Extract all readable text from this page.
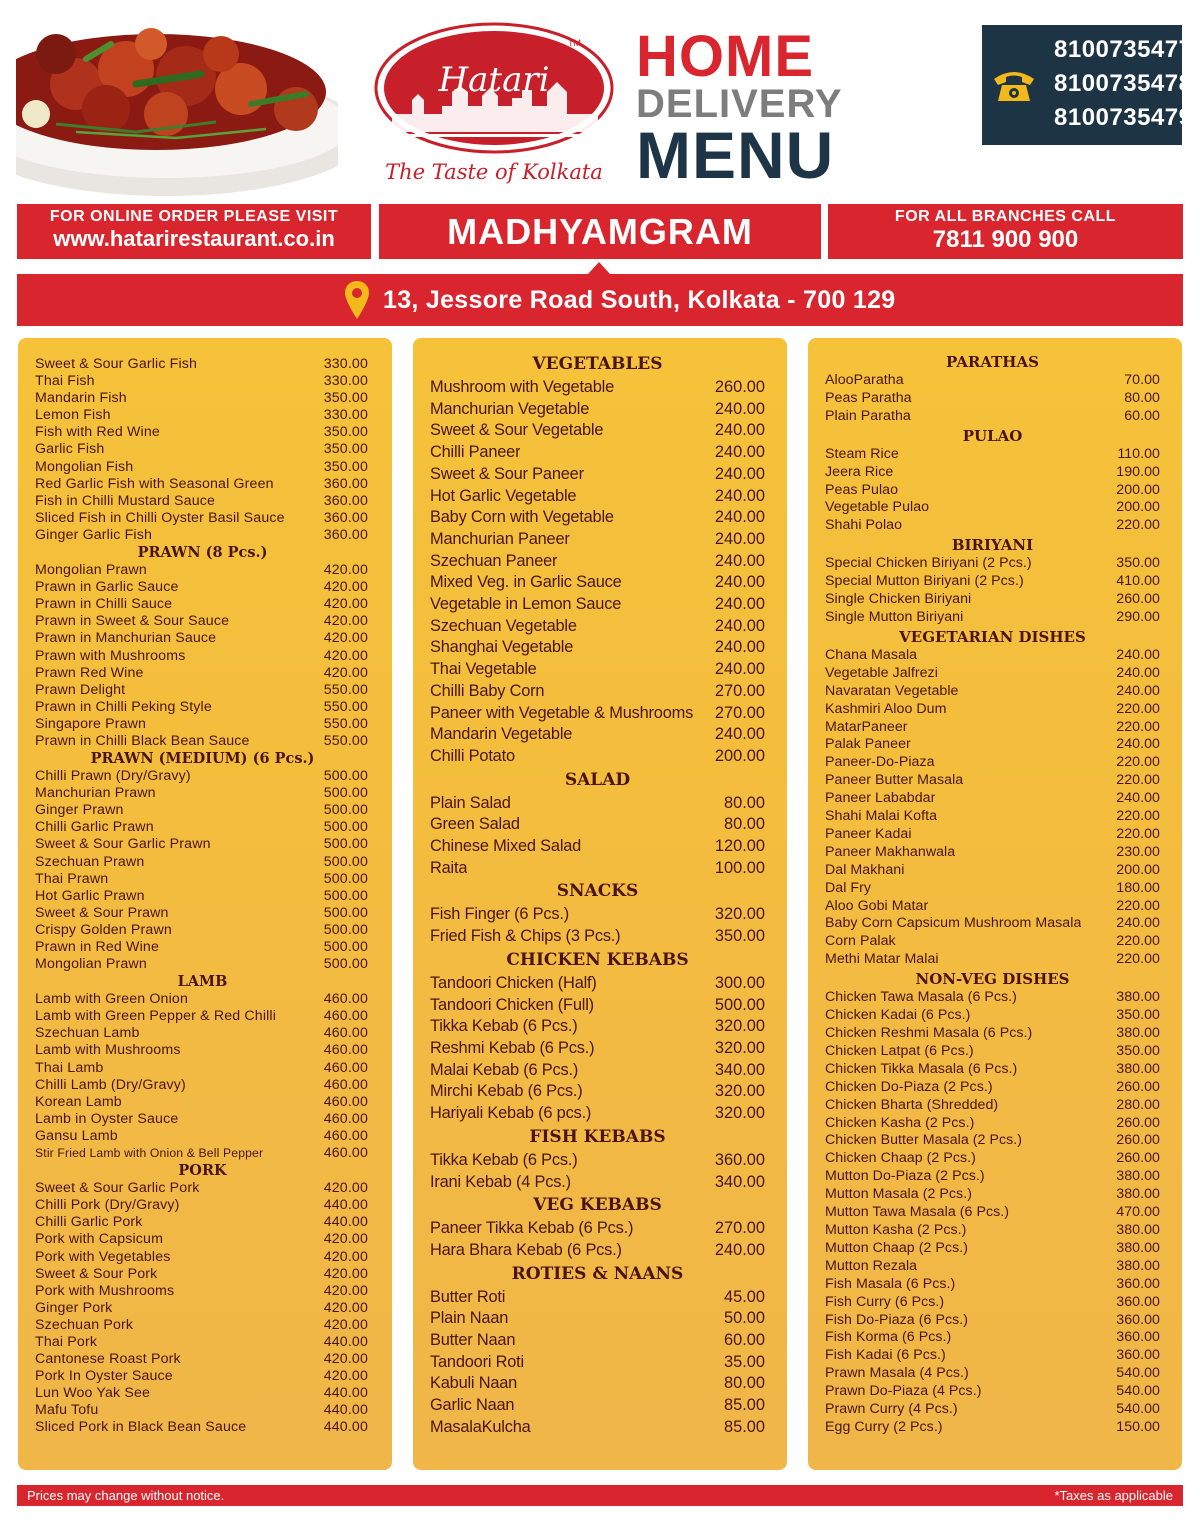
TM
Hatari
The Taste of Kolkata
HOME
DELIVERY
MENU
8100735477
8100735478
8100735479
FOR ONLINE ORDER PLEASE VISIT
www.hatarirestaurant.co.in	MADHYAMGRAM	FOR ALL BRANCHES CALL
7811 900 900
13, Jessore Road South, Kolkata - 700 129
Sweet & Sour Garlic Fish	330.00
Thai Fish	330.00
Mandarin Fish	350.00
Lemon Fish	330.00
Fish with Red Wine	350.00
Garlic Fish	350.00
Mongolian Fish	350.00
Red Garlic Fish with Seasonal Green	360.00
Fish in Chilli Mustard Sauce	360.00
Sliced Fish in Chilli Oyster Basil Sauce	360.00
Ginger Garlic Fish	360.00
PRAWN (8 Pcs.)
Mongolian Prawn	420.00
Prawn in Garlic Sauce	420.00
Prawn in Chilli Sauce	420.00
Prawn in Sweet & Sour Sauce	420.00
Prawn in Manchurian Sauce	420.00
Prawn with Mushrooms	420.00
Prawn Red Wine	420.00
Prawn Delight	550.00
Prawn in Chilli Peking Style	550.00
Singapore Prawn	550.00
Prawn in Chilli Black Bean Sauce	550.00
PRAWN (MEDIUM) (6 Pcs.)
Chilli Prawn (Dry/Gravy)	500.00
Manchurian Prawn	500.00
Ginger Prawn	500.00
Chilli Garlic Prawn	500.00
Sweet & Sour Garlic Prawn	500.00
Szechuan Prawn	500.00
Thai Prawn	500.00
Hot Garlic Prawn	500.00
Sweet & Sour Prawn	500.00
Crispy Golden Prawn	500.00
Prawn in Red Wine	500.00
Mongolian Prawn	500.00
LAMB
Lamb with Green Onion	460.00
Lamb with Green Pepper & Red Chilli	460.00
Szechuan Lamb	460.00
Lamb with Mushrooms	460.00
Thai Lamb	460.00
Chilli Lamb (Dry/Gravy)	460.00
Korean Lamb	460.00
Lamb in Oyster Sauce	460.00
Gansu Lamb	460.00
Stir Fried Lamb with Onion & Bell Pepper	460.00
PORK
Sweet & Sour Garlic Pork	420.00
Chilli Pork (Dry/Gravy)	440.00
Chilli Garlic Pork	440.00
Pork with Capsicum	420.00
Pork with Vegetables	420.00
Sweet & Sour Pork	420.00
Pork with Mushrooms	420.00
Ginger Pork	420.00
Szechuan Pork	420.00
Thai Pork	440.00
Cantonese Roast Pork	420.00
Pork In Oyster Sauce	420.00
Lun Woo Yak See	440.00
Mafu Tofu	440.00
Sliced Pork in Black Bean Sauce	440.00
VEGETABLES
Mushroom with Vegetable	260.00
Manchurian Vegetable	240.00
Sweet & Sour Vegetable	240.00
Chilli Paneer	240.00
Sweet & Sour Paneer	240.00
Hot Garlic Vegetable	240.00
Baby Corn with Vegetable	240.00
Manchurian Paneer	240.00
Szechuan Paneer	240.00
Mixed Veg. in Garlic Sauce	240.00
Vegetable in Lemon Sauce	240.00
Szechuan Vegetable	240.00
Shanghai Vegetable	240.00
Thai Vegetable	240.00
Chilli Baby Corn	270.00
Paneer with Vegetable & Mushrooms 270.00
Mandarin Vegetable	240.00
Chilli Potato	200.00
SALAD
Plain Salad	80.00
Green Salad	80.00
Chinese Mixed Salad	120.00
Raita	100.00
SNACKS
Fish Finger (6 Pcs.)	320.00
Fried Fish & Chips (3 Pcs.)	350.00
CHICKEN KEBABS
Tandoori Chicken (Half)	300.00
Tandoori Chicken (Full)	500.00
Tikka Kebab (6 Pcs.)	320.00
Reshmi Kebab (6 Pcs.)	320.00
Malai Kebab (6 Pcs.)	340.00
Mirchi Kebab (6 Pcs.)	320.00
Hariyali Kebab (6 pcs.)	320.00
FISH KEBABS
Tikka Kebab (6 Pcs.)	360.00
Irani Kebab (4 Pcs.)	340.00
VEG KEBABS
Paneer Tikka Kebab (6 Pcs.)	270.00
Hara Bhara Kebab (6 Pcs.)	240.00
ROTIES & NAANS
Butter Roti	45.00
Plain Naan	50.00
Butter Naan	60.00
Tandoori Roti	35.00
Kabuli Naan	80.00
Garlic Naan	85.00
MasalaKulcha	85.00
PARATHAS
AlooParatha	70.00
Peas Paratha	80.00
Plain Paratha	60.00
PULAO
Steam Rice	110.00
Jeera Rice	190.00
Peas Pulao	200.00
Vegetable Pulao	200.00
Shahi Polao	220.00
BIRIYANI
Special Chicken Biriyani (2 Pcs.)	350.00
Special Mutton Biriyani (2 Pcs.)	410.00
Single Chicken Biriyani	260.00
Single Mutton Biriyani	290.00
VEGETARIAN DISHES
Chana Masala	240.00
Vegetable Jalfrezi	240.00
Navaratan Vegetable	240.00
Kashmiri Aloo Dum	220.00
MatarPaneer	220.00
Palak Paneer	240.00
Paneer-Do-Piaza	220.00
Paneer Butter Masala	220.00
Paneer Lababdar	240.00
Shahi Malai Kofta	220.00
Paneer Kadai	220.00
Paneer Makhanwala	230.00
Dal Makhani	200.00
Dal Fry	180.00
Aloo Gobi Matar	220.00
Baby Corn Capsicum Mushroom Masala 240.00
Corn Palak	220.00
Methi Matar Malai	220.00
NON-VEG DISHES
Chicken Tawa Masala (6 Pcs.)	380.00
Chicken Kadai (6 Pcs.)	350.00
Chicken Reshmi Masala (6 Pcs.)	380.00
Chicken Latpat (6 Pcs.)	350.00
Chicken Tikka Masala (6 Pcs.)	380.00
Chicken Do-Piaza (2 Pcs.)	260.00
Chicken Bharta (Shredded)	280.00
Chicken Kasha (2 Pcs.)	260.00
Chicken Butter Masala (2 Pcs.)	260.00
Chicken Chaap (2 Pcs.)	260.00
Mutton Do-Piaza (2 Pcs.)	380.00
Mutton Masala (2 Pcs.)	380.00
Mutton Tawa Masala (6 Pcs.)	470.00
Mutton Kasha (2 Pcs.)	380.00
Mutton Chaap (2 Pcs.)	380.00
Mutton Rezala	380.00
Fish Masala (6 Pcs.)	360.00
Fish Curry (6 Pcs.)	360.00
Fish Do-Piaza (6 Pcs.)	360.00
Fish Korma (6 Pcs.)	360.00
Fish Kadai (6 Pcs.)	360.00
Prawn Masala (4 Pcs.)	540.00
Prawn Do-Piaza (4 Pcs.)	540.00
Prawn Curry (4 Pcs.)	540.00
Egg Curry (2 Pcs.)	150.00
Prices may change without notice.	*Taxes as applicable
